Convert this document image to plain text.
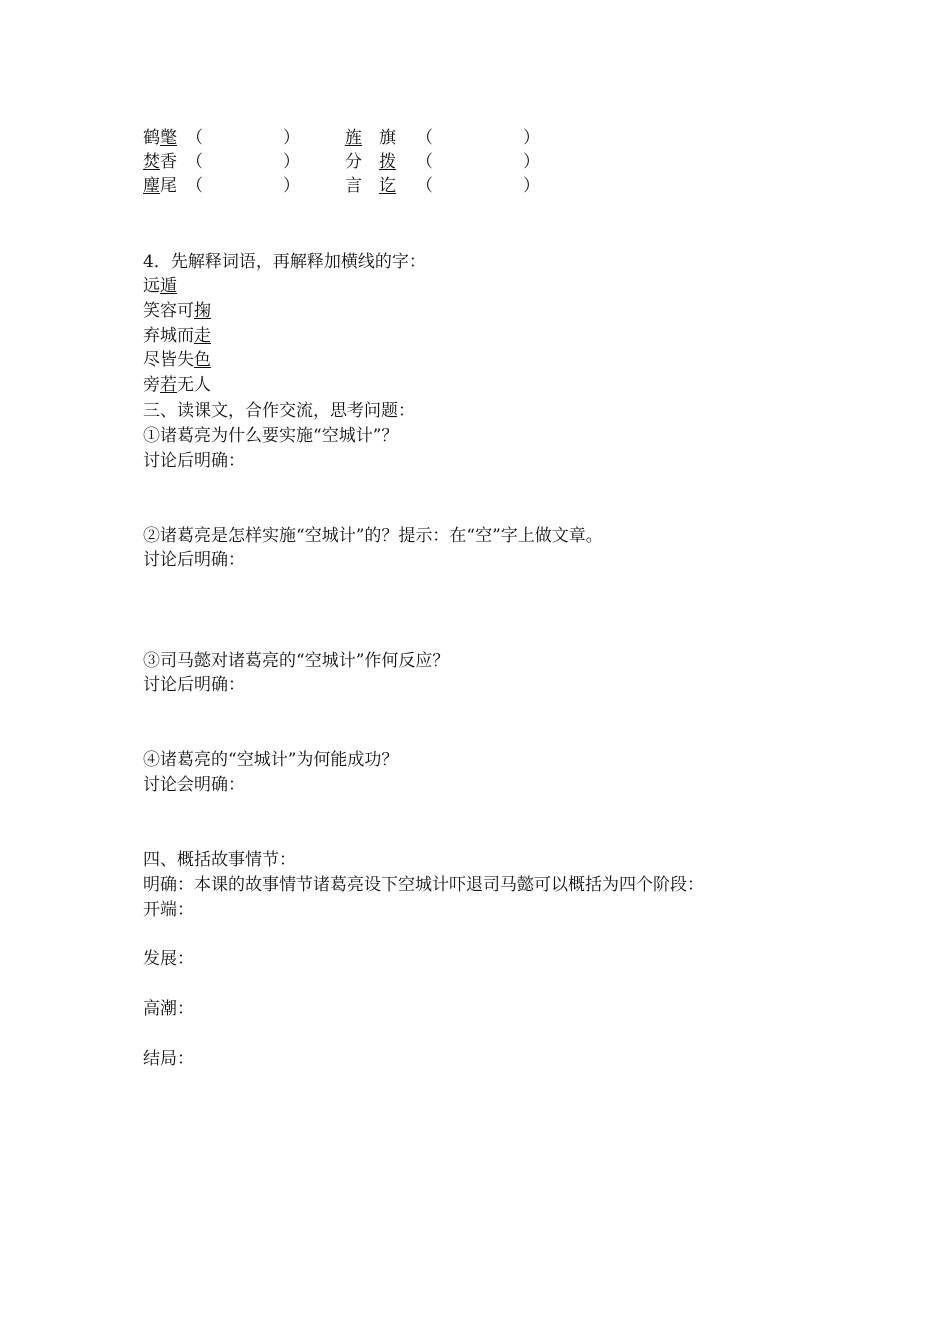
鹤氅 （	）	旌　旗 （	）
焚香 （	）	分　拨 （	）
麈尾 （	）	言　讫 （	）
4．先解释词语，再解释加横线的字：
远遁
笑容可掬
弃城而走
尽皆失色
旁若无人
三、读课文，合作交流，思考问题：
①诸葛亮为什么要实施“空城计”？
讨论后明确：
②诸葛亮是怎样实施“空城计”的？提示：在“空”字上做文章。
讨论后明确：
③司马懿对诸葛亮的“空城计”作何反应？
讨论后明确：
④诸葛亮的“空城计”为何能成功？
讨论会明确：
四、概括故事情节：
明确：本课的故事情节诸葛亮设下空城计吓退司马懿可以概括为四个阶段：
开端：
发展：
高潮：
结局：
